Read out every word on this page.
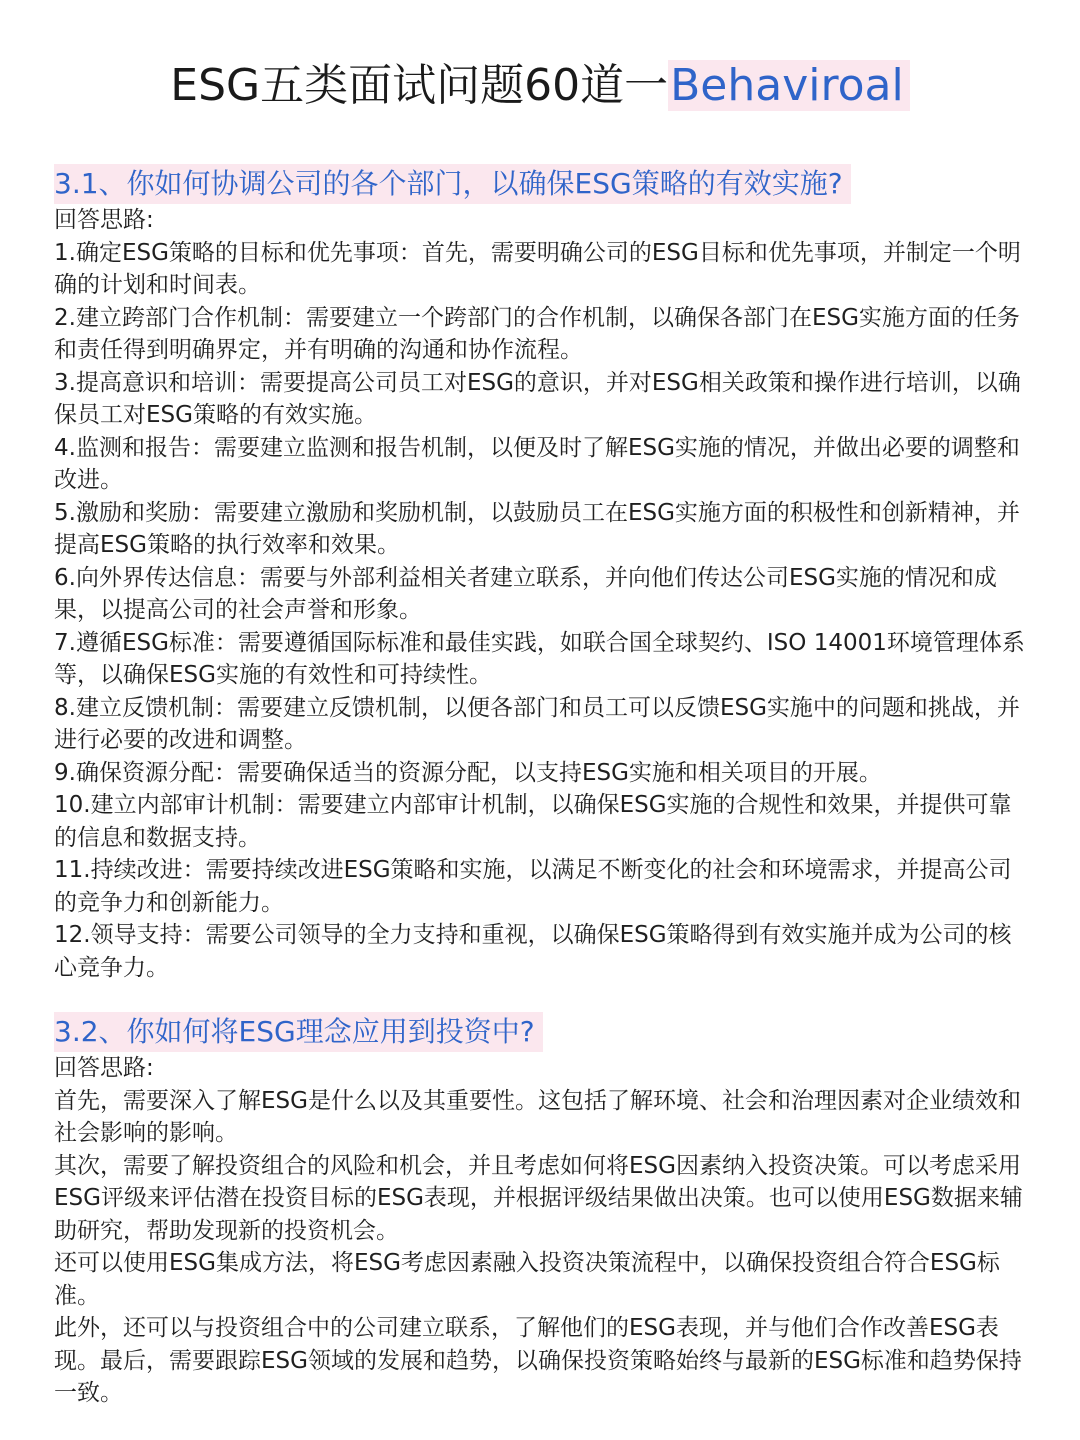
ESG五类面试问题60道一Behaviroal
3.1、你如何协调公司的各个部门，以确保ESG策略的有效实施?
回答思路:
1.确定ESG策略的目标和优先事项：首先，需要明确公司的ESG目标和优先事项，并制定一个明确的计划和时间表。
2.建立跨部门合作机制：需要建立一个跨部门的合作机制，以确保各部门在ESG实施方面的任务和责任得到明确界定，并有明确的沟通和协作流程。
3.提高意识和培训：需要提高公司员工对ESG的意识，并对ESG相关政策和操作进行培训，以确保员工对ESG策略的有效实施。
4.监测和报告：需要建立监测和报告机制，以便及时了解ESG实施的情况，并做出必要的调整和改进。
5.激励和奖励：需要建立激励和奖励机制，以鼓励员工在ESG实施方面的积极性和创新精神，并提高ESG策略的执行效率和效果。
6.向外界传达信息：需要与外部利益相关者建立联系，并向他们传达公司ESG实施的情况和成果，以提高公司的社会声誉和形象。
7.遵循ESG标准：需要遵循国际标准和最佳实践，如联合国全球契约、ISO 14001环境管理体系等，以确保ESG实施的有效性和可持续性。
8.建立反馈机制：需要建立反馈机制，以便各部门和员工可以反馈ESG实施中的问题和挑战，并进行必要的改进和调整。
9.确保资源分配：需要确保适当的资源分配，以支持ESG实施和相关项目的开展。
10.建立内部审计机制：需要建立内部审计机制，以确保ESG实施的合规性和效果，并提供可靠的信息和数据支持。
11.持续改进：需要持续改进ESG策略和实施，以满足不断变化的社会和环境需求，并提高公司的竞争力和创新能力。
12.领导支持：需要公司领导的全力支持和重视，以确保ESG策略得到有效实施并成为公司的核心竞争力。
3.2、你如何将ESG理念应用到投资中?
回答思路:
首先，需要深入了解ESG是什么以及其重要性。这包括了解环境、社会和治理因素对企业绩效和社会影响的影响。
其次，需要了解投资组合的风险和机会，并且考虑如何将ESG因素纳入投资决策。可以考虑采用ESG评级来评估潜在投资目标的ESG表现，并根据评级结果做出决策。也可以使用ESG数据来辅助研究，帮助发现新的投资机会。
还可以使用ESG集成方法，将ESG考虑因素融入投资决策流程中，以确保投资组合符合ESG标准。
此外，还可以与投资组合中的公司建立联系，了解他们的ESG表现，并与他们合作改善ESG表现。最后，需要跟踪ESG领域的发展和趋势，以确保投资策略始终与最新的ESG标准和趋势保持一致。
